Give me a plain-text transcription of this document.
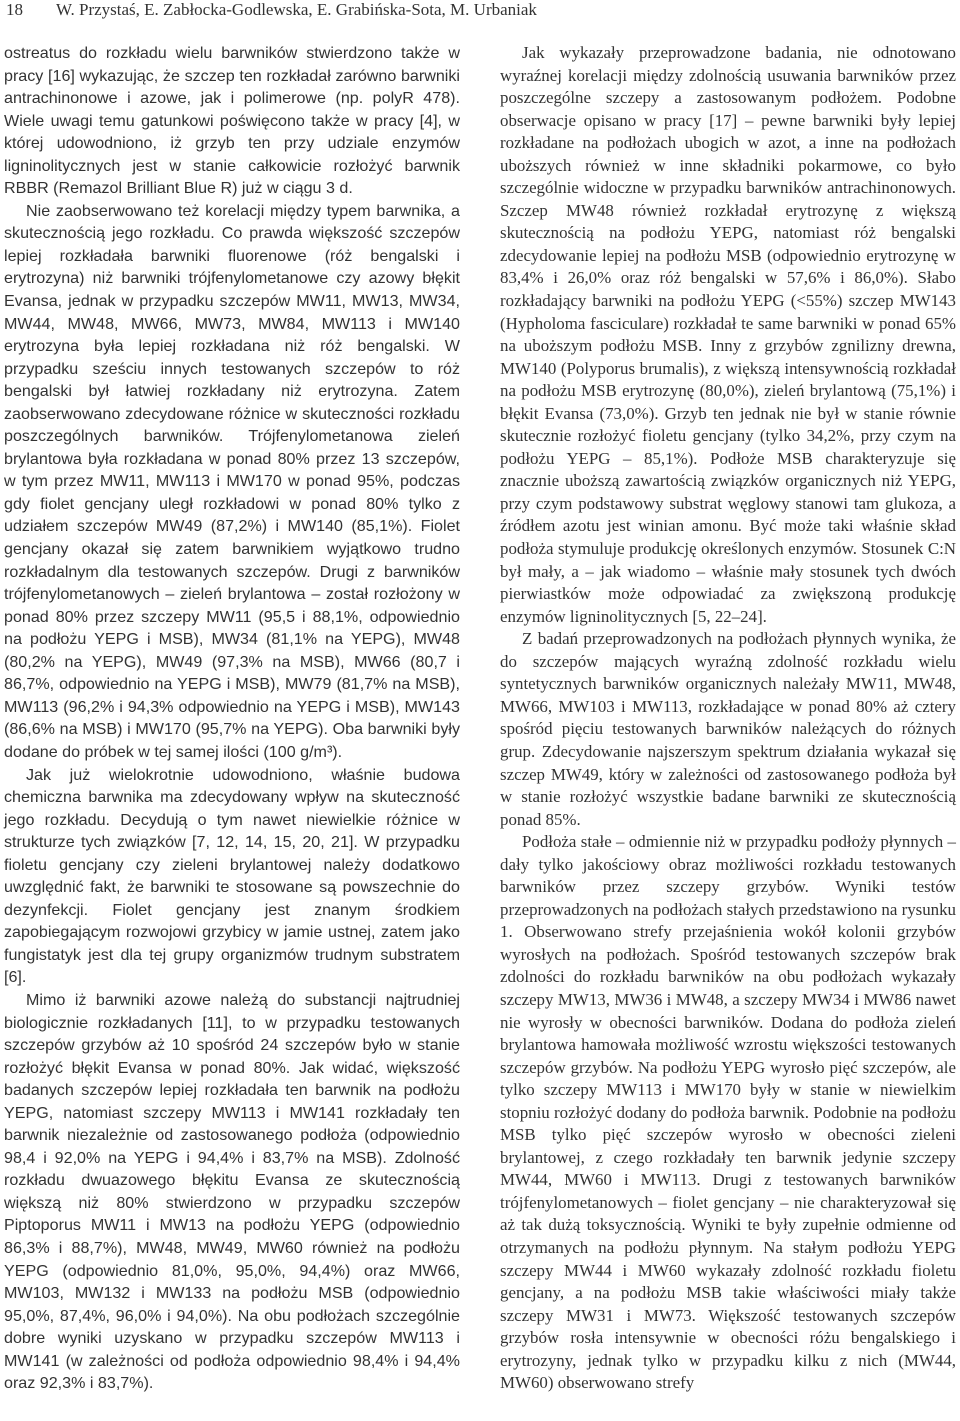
18 W. Przystaś, E. Zabłocka-Godlewska, E. Grabińska-Sota, M. Urbaniak

ostreatus do rozkładu wielu barwników stwierdzono także w pracy [16] wykazując, że szczep ten rozkładał zarówno barwniki antrachinonowe i azowe, jak i polimerowe (np. polyR 478). Wiele uwagi temu gatunkowi poświęcono także w pracy [4], w której udowodniono, iż grzyb ten przy udziale enzymów ligninolitycznych jest w stanie całkowicie rozłożyć barwnik RBBR (Remazol Brilliant Blue R) już w ciągu 3 d.

Nie zaobserwowano też korelacji między typem barwnika, a skutecznością jego rozkładu. Co prawda większość szczepów lepiej rozkładała barwniki fluorenowe (róż bengalski i erytrozyna) niż barwniki trójfenylometanowe czy azowy błękit Evansa, jednak w przypadku szczepów MW11, MW13, MW34, MW44, MW48, MW66, MW73, MW84, MW113 i MW140 erytrozyna była lepiej rozkładana niż róż bengalski. W przypadku sześciu innych testowanych szczepów to róż bengalski był łatwiej rozkładany niż erytrozyna. Zatem zaobserwowano zdecydowane różnice w skuteczności rozkładu poszczególnych barwników. Trójfenylometanowa zieleń brylantowa była rozkładana w ponad 80% przez 13 szczepów, w tym przez MW11, MW113 i MW170 w ponad 95%, podczas gdy fiolet gencjany uległ rozkładowi w ponad 80% tylko z udziałem szczepów MW49 (87,2%) i MW140 (85,1%). Fiolet gencjany okazał się zatem barwnikiem wyjątkowo trudno rozkładalnym dla testowanych szczepów. Drugi z barwników trójfenylometanowych – zieleń brylantowa – został rozłożony w ponad 80% przez szczepy MW11 (95,5 i 88,1%, odpowiednio na podłożu YEPG i MSB), MW34 (81,1% na YEPG), MW48 (80,2% na YEPG), MW49 (97,3% na MSB), MW66 (80,7 i 86,7%, odpowiednio na YEPG i MSB), MW79 (81,7% na MSB), MW113 (96,2% i 94,3% odpowiednio na YEPG i MSB), MW143 (86,6% na MSB) i MW170 (95,7% na YEPG). Oba barwniki były dodane do próbek w tej samej ilości (100 g/m³).

Jak już wielokrotnie udowodniono, właśnie budowa chemiczna barwnika ma zdecydowany wpływ na skuteczność jego rozkładu. Decydują o tym nawet niewielkie różnice w strukturze tych związków [7, 12, 14, 15, 20, 21]. W przypadku fioletu gencjany czy zieleni brylantowej należy dodatkowo uwzględnić fakt, że barwniki te stosowane są powszechnie do dezynfekcji. Fiolet gencjany jest znanym środkiem zapobiegającym rozwojowi grzybicy w jamie ustnej, zatem jako fungistatyk jest dla tej grupy organizmów trudnym substratem [6].

Mimo iż barwniki azowe należą do substancji najtrudniej biologicznie rozkładanych [11], to w przypadku testowanych szczepów grzybów aż 10 spośród 24 szczepów było w stanie rozłożyć błękit Evansa w ponad 80%. Jak widać, większość badanych szczepów lepiej rozkładała ten barwnik na podłożu YEPG, natomiast szczepy MW113 i MW141 rozkładały ten barwnik niezależnie od zastosowanego podłoża (odpowiednio 98,4 i 92,0% na YEPG i 94,4% i 83,7% na MSB). Zdolność rozkładu dwuazowego błękitu Evansa ze skutecznością większą niż 80% stwierdzono w przypadku szczepów Piptoporus MW11 i MW13 na podłożu YEPG (odpowiednio 86,3% i 88,7%), MW48, MW49, MW60 również na podłożu YEPG (odpowiednio 81,0%, 95,0%, 94,4%) oraz MW66, MW103, MW132 i MW133 na podłożu MSB (odpowiednio 95,0%, 87,4%, 96,0% i 94,0%). Na obu podłożach szczególnie dobre wyniki uzyskano w przypadku szczepów MW113 i MW141 (w zależności od podłoża odpowiednio 98,4% i 94,4% oraz 92,3% i 83,7%).

Jak wykazały przeprowadzone badania, nie odnotowano wyraźnej korelacji między zdolnością usuwania barwników przez poszczególne szczepy a zastosowanym podłożem. Podobne obserwacje opisano w pracy [17] – pewne barwniki były lepiej rozkładane na podłożach ubogich w azot, a inne na podłożach uboższych również w inne składniki pokarmowe, co było szczególnie widoczne w przypadku barwników antrachinonowych. Szczep MW48 również rozkładał erytrozynę z większą skutecznością na podłożu YEPG, natomiast róż bengalski zdecydowanie lepiej na podłożu MSB (odpowiednio erytrozynę w 83,4% i 26,0% oraz róż bengalski w 57,6% i 86,0%). Słabo rozkładający barwniki na podłożu YEPG (<55%) szczep MW143 (Hypholoma fasciculare) rozkładał te same barwniki w ponad 65% na uboższym podłożu MSB. Inny z grzybów zgnilizny drewna, MW140 (Polyporus brumalis), z większą intensywnością rozkładał na podłożu MSB erytrozynę (80,0%), zieleń brylantową (75,1%) i błękit Evansa (73,0%). Grzyb ten jednak nie był w stanie równie skutecznie rozłożyć fioletu gencjany (tylko 34,2%, przy czym na podłożu YEPG – 85,1%). Podłoże MSB charakteryzuje się znacznie uboższą zawartością związków organicznych niż YEPG, przy czym podstawowy substrat węglowy stanowi tam glukoza, a źródłem azotu jest winian amonu. Być może taki właśnie skład podłoża stymuluje produkcję określonych enzymów. Stosunek C:N był mały, a – jak wiadomo – właśnie mały stosunek tych dwóch pierwiastków może odpowiadać za zwiększoną produkcję enzymów ligninolitycznych [5, 22–24].

Z badań przeprowadzonych na podłożach płynnych wynika, że do szczepów mających wyraźną zdolność rozkładu wielu syntetycznych barwników organicznych należały MW11, MW48, MW66, MW103 i MW113, rozkładające w ponad 80% aż cztery spośród pięciu testowanych barwników należących do różnych grup. Zdecydowanie najszerszym spektrum działania wykazał się szczep MW49, który w zależności od zastosowanego podłoża był w stanie rozłożyć wszystkie badane barwniki ze skutecznością ponad 85%.

Podłoża stałe – odmiennie niż w przypadku podłoży płynnych – dały tylko jakościowy obraz możliwości rozkładu testowanych barwników przez szczepy grzybów. Wyniki testów przeprowadzonych na podłożach stałych przedstawiono na rysunku 1. Obserwowano strefy przejaśnienia wokół kolonii grzybów wyrosłych na podłożach. Spośród testowanych szczepów brak zdolności do rozkładu barwników na obu podłożach wykazały szczepy MW13, MW36 i MW48, a szczepy MW34 i MW86 nawet nie wyrosły w obecności barwników. Dodana do podłoża zieleń brylantowa hamowała możliwość wzrostu większości testowanych szczepów grzybów. Na podłożu YEPG wyrosło pięć szczepów, ale tylko szczepy MW113 i MW170 były w stanie w niewielkim stopniu rozłożyć dodany do podłoża barwnik. Podobnie na podłożu MSB tylko pięć szczepów wyrosło w obecności zieleni brylantowej, z czego rozkładały ten barwnik jedynie szczepy MW44, MW60 i MW113. Drugi z testowanych barwników trójfenylometanowych – fiolet gencjany – nie charakteryzował się aż tak dużą toksycznością. Wyniki te były zupełnie odmienne od otrzymanych na podłożu płynnym. Na stałym podłożu YEPG szczepy MW44 i MW60 wykazały zdolność rozkładu fioletu gencjany, a na podłożu MSB takie właściwości miały także szczepy MW31 i MW73. Większość testowanych szczepów grzybów rosła intensywnie w obecności różu bengalskiego i erytrozyny, jednak tylko w przypadku kilku z nich (MW44, MW60) obserwowano strefy
